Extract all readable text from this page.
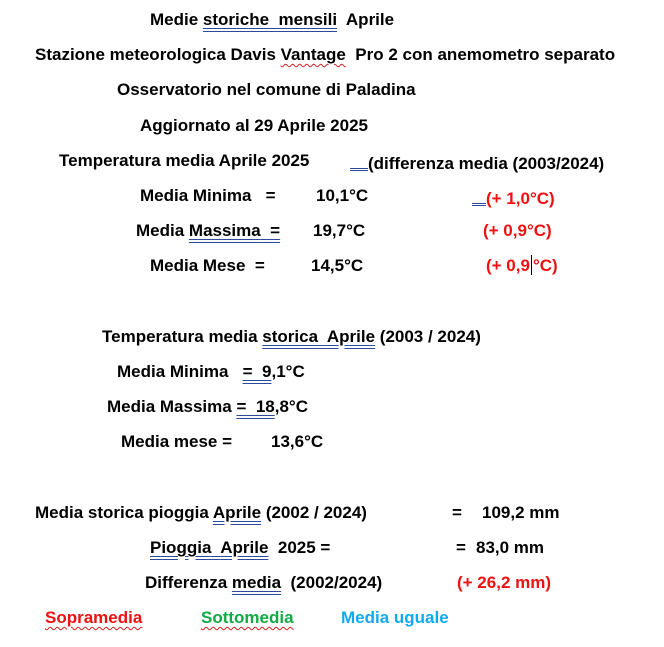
Medie storiche mensili  Aprile
Stazione meteorologica Davis Vantage  Pro 2 con anemometro separato
Osservatorio nel comune di Paladina
Aggiornato al 29 Aprile 2025
Temperatura media Aprile 2025	(differenza media (2003/2024)
Media Minima   = 10,1°C	(+ 1,0°C)
Media Massima  = 19,7°C	(+ 0,9°C)
Media Mese  =	14,5°C	(+ 0,9 °C)
Temperatura media storica Aprile (2003 / 2024)
Media Minima   =  9,1°C
Media Massima =  18,8°C
Media mese = 13,6°C
Media storica pioggia Aprile (2002 / 2024)	= 109,2 mm
Pioggia Aprile  2025 =	= 83,0 mm
Differenza media  (2002/2024)	(+ 26,2 mm)
Sopramedia	Sottomedia	Media uguale
